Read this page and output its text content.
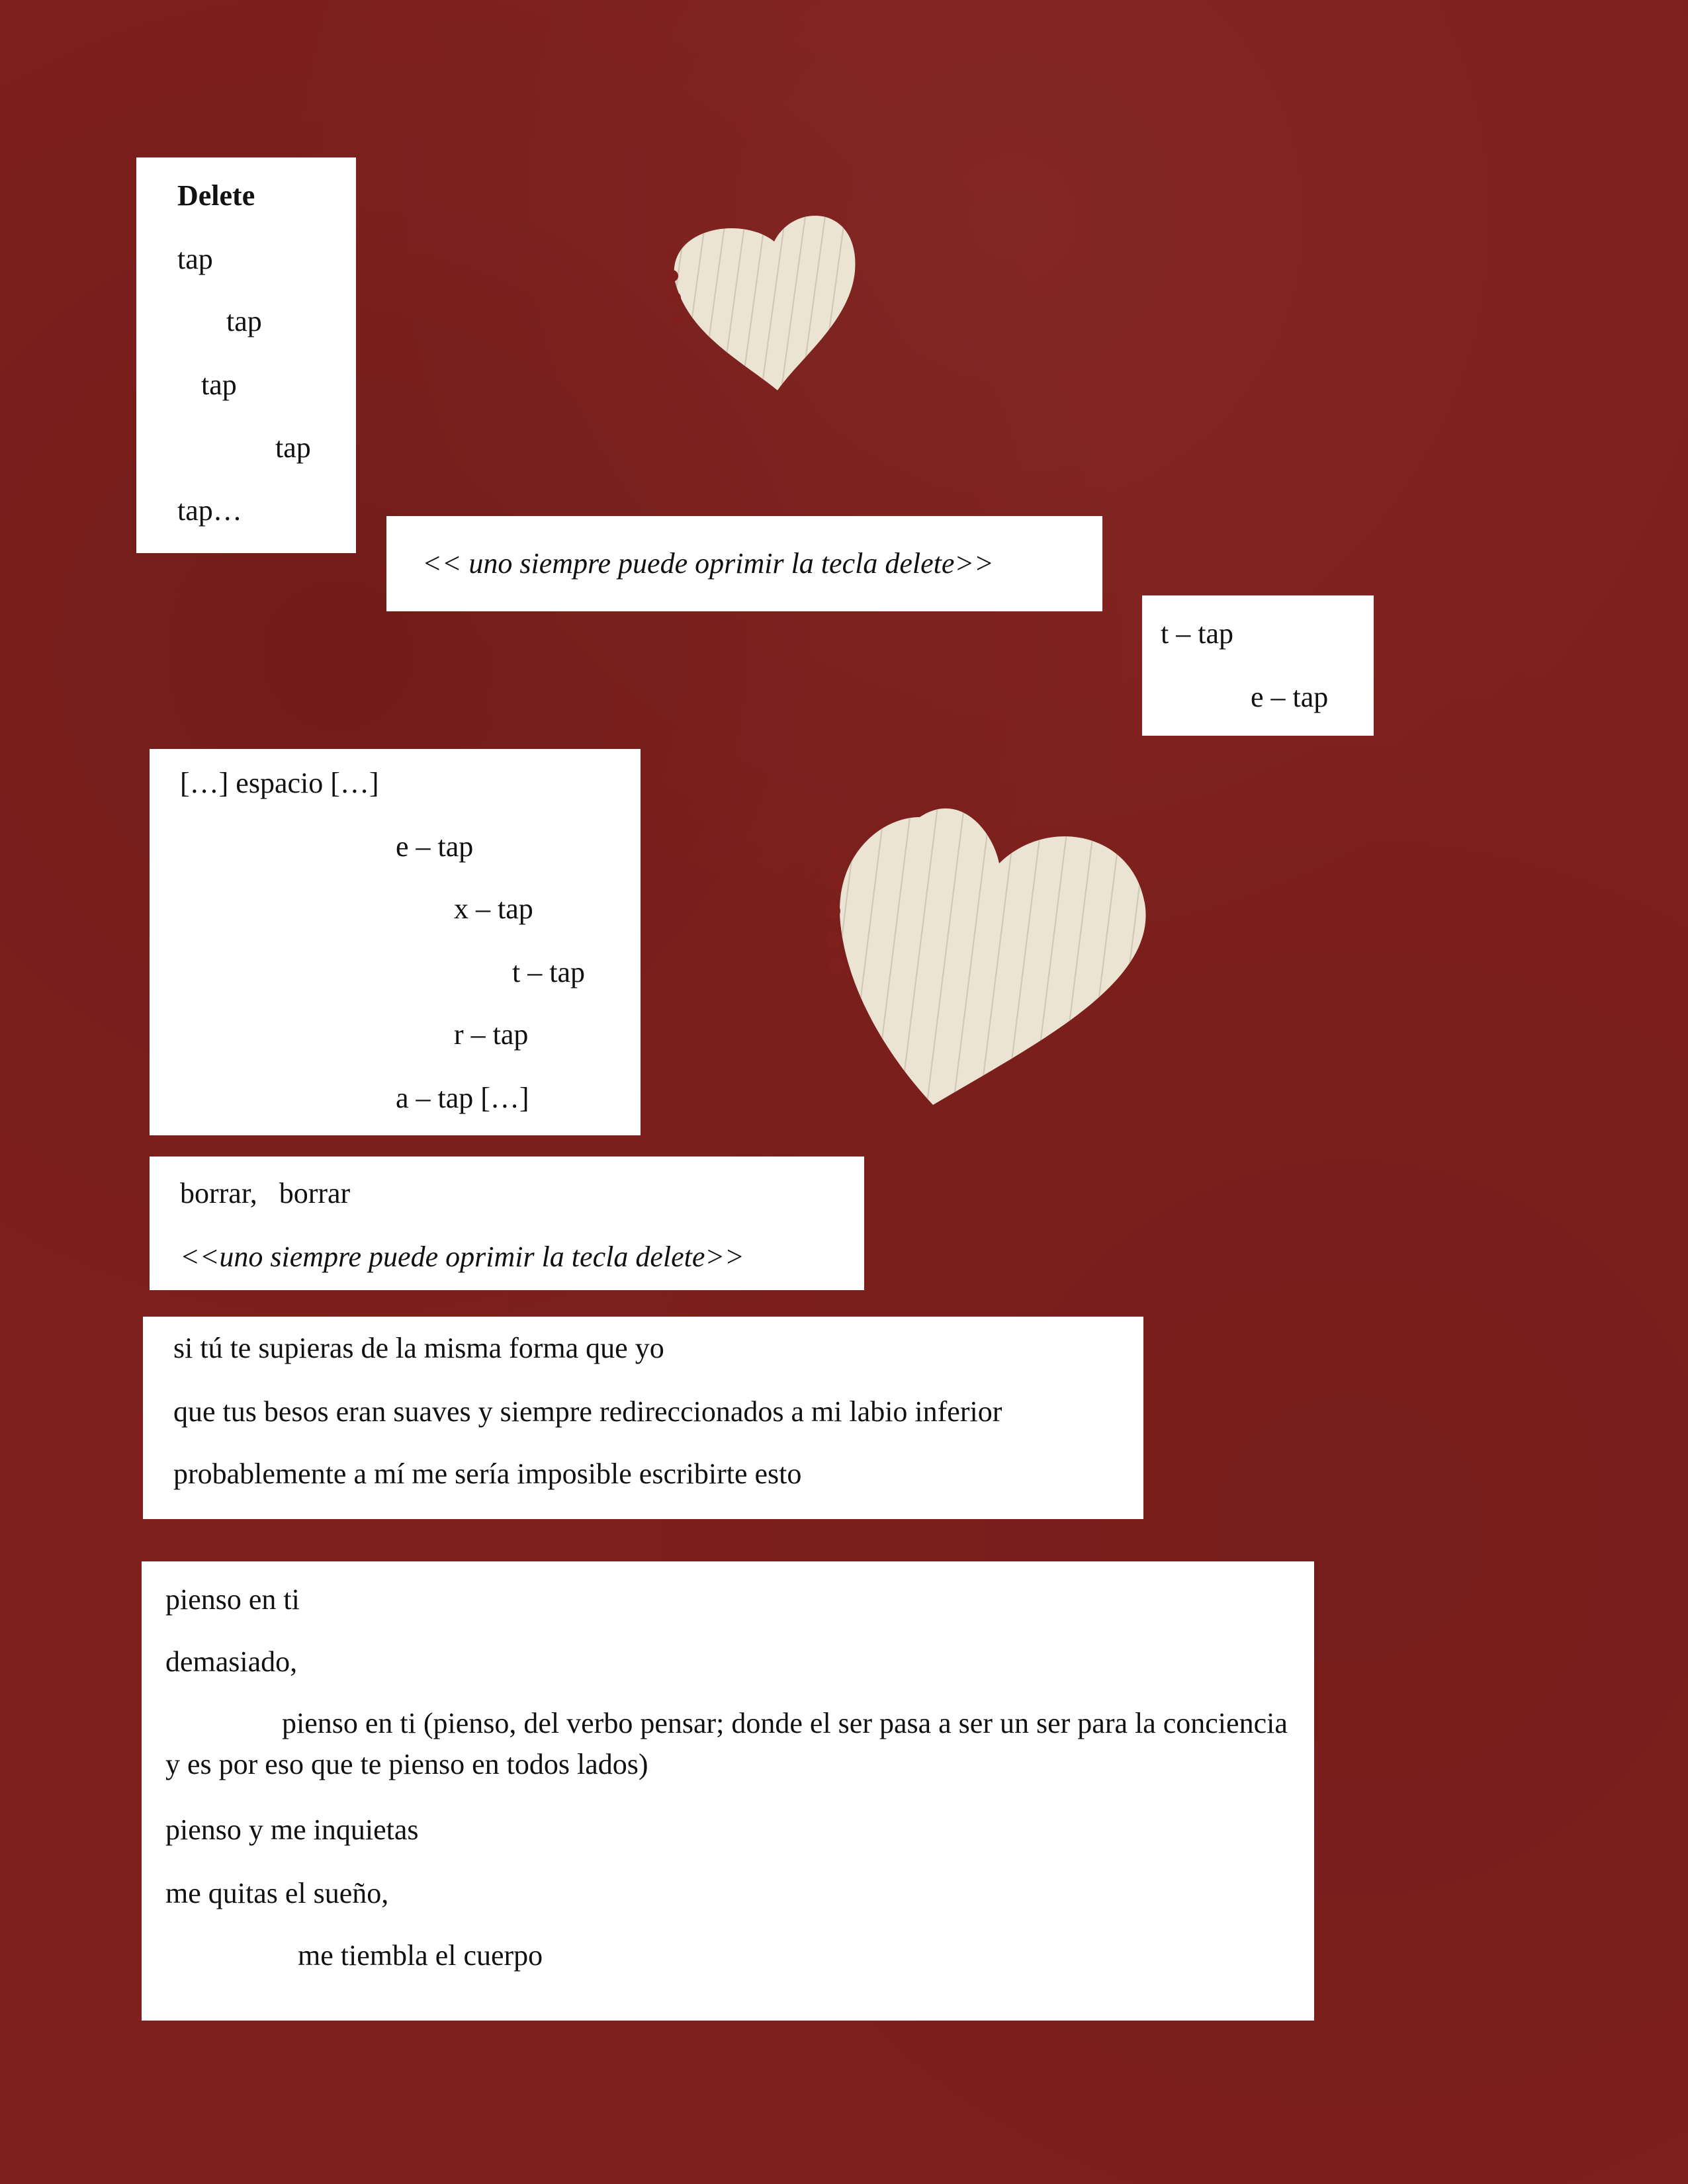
Delete
tap
tap
tap
tap
tap…
<< uno siempre puede oprimir la tecla delete>>
t – tap
e – tap
[…] espacio […]
e – tap
x – tap
t – tap
r – tap
a – tap […]
borrar,   borrar
<<uno siempre puede oprimir la tecla delete>>
si tú te supieras de la misma forma que yo
que tus besos eran suaves y siempre redireccionados a mi labio inferior
probablemente a mí me sería imposible escribirte esto
pienso en ti
demasiado,
pienso en ti (pienso, del verbo pensar; donde el ser pasa a ser un ser para la conciencia y es por eso que te pienso en todos lados)
pienso y me inquietas
me quitas el sueño,
me tiembla el cuerpo
